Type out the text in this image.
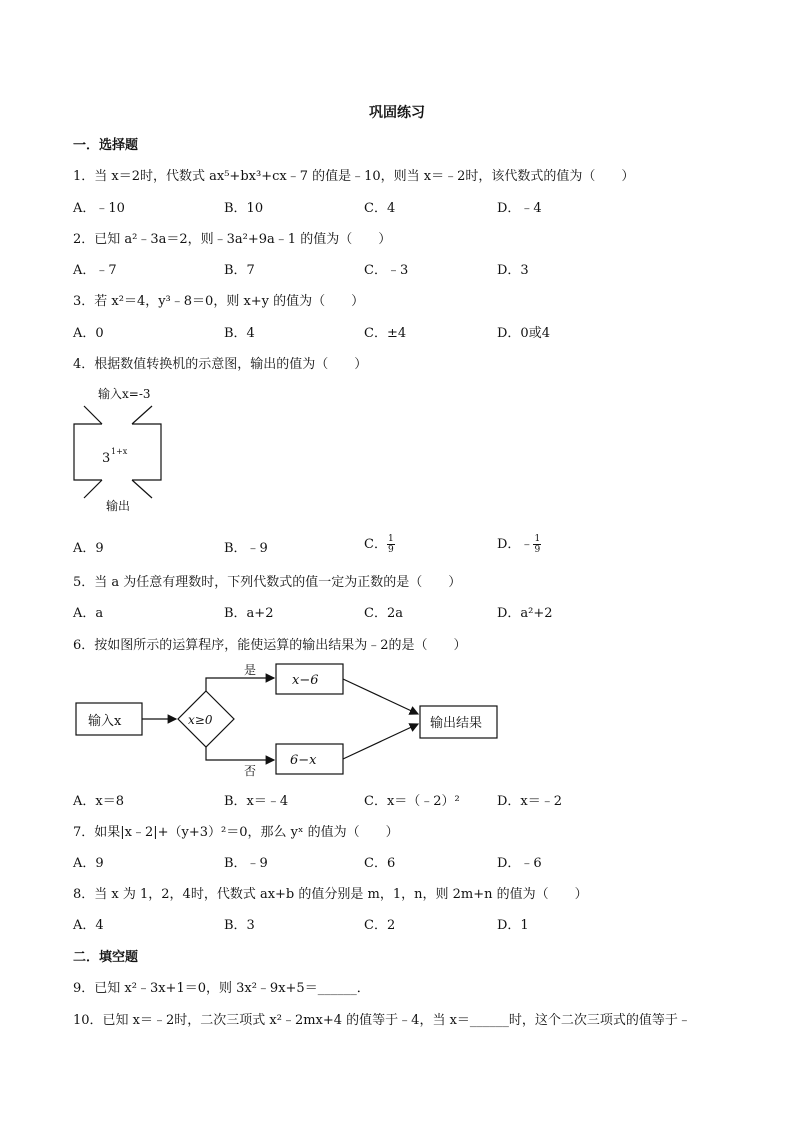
巩固练习
一．选择题
1．当 x＝2时，代数式 ax⁵+bx³+cx﹣7 的值是﹣10，则当 x＝﹣2时，该代数式的值为（　　）
A．﹣10	B．10	C．4	D．﹣4
2．已知 a²﹣3a＝2，则﹣3a²+9a﹣1 的值为（　　）
A．﹣7	B．7	C．﹣3	D．3
3．若 x²＝4，y³﹣8＝0，则 x+y 的值为（　　）
A．0	B．4	C．±4	D．0或4
4．根据数值转换机的示意图，输出的值为（　　）
输入x=-3
3 1+x
输出
A．9	B．﹣9	C． $\frac{1}{9}$	D．﹣ $\frac{1}{9}$
5．当 a 为任意有理数时，下列代数式的值一定为正数的是（　　）
A．a	B．a+2	C．2a	D．a²+2
6．按如图所示的运算程序，能使运算的输出结果为﹣2的是（　　）
输入x	x≥0
是
x−6
否
6−x
输出结果
A．x＝8	B．x＝﹣4	C．x＝（﹣2）²	D．x＝﹣2
7．如果|x﹣2|+（y+3）²＝0，那么 yˣ 的值为（　　）
A．9	B．﹣9	C．6	D．﹣6
8．当 x 为 1，2，4时，代数式 ax+b 的值分别是 m，1，n，则 2m+n 的值为（　　）
A．4	B．3	C．2	D．1
二．填空题
9．已知 x²﹣3x+1＝0，则 3x²﹣9x+5＝______．
10．已知 x＝﹣2时，二次三项式 x²﹣2mx+4 的值等于﹣4，当 x＝______时，这个二次三项式的值等于﹣
